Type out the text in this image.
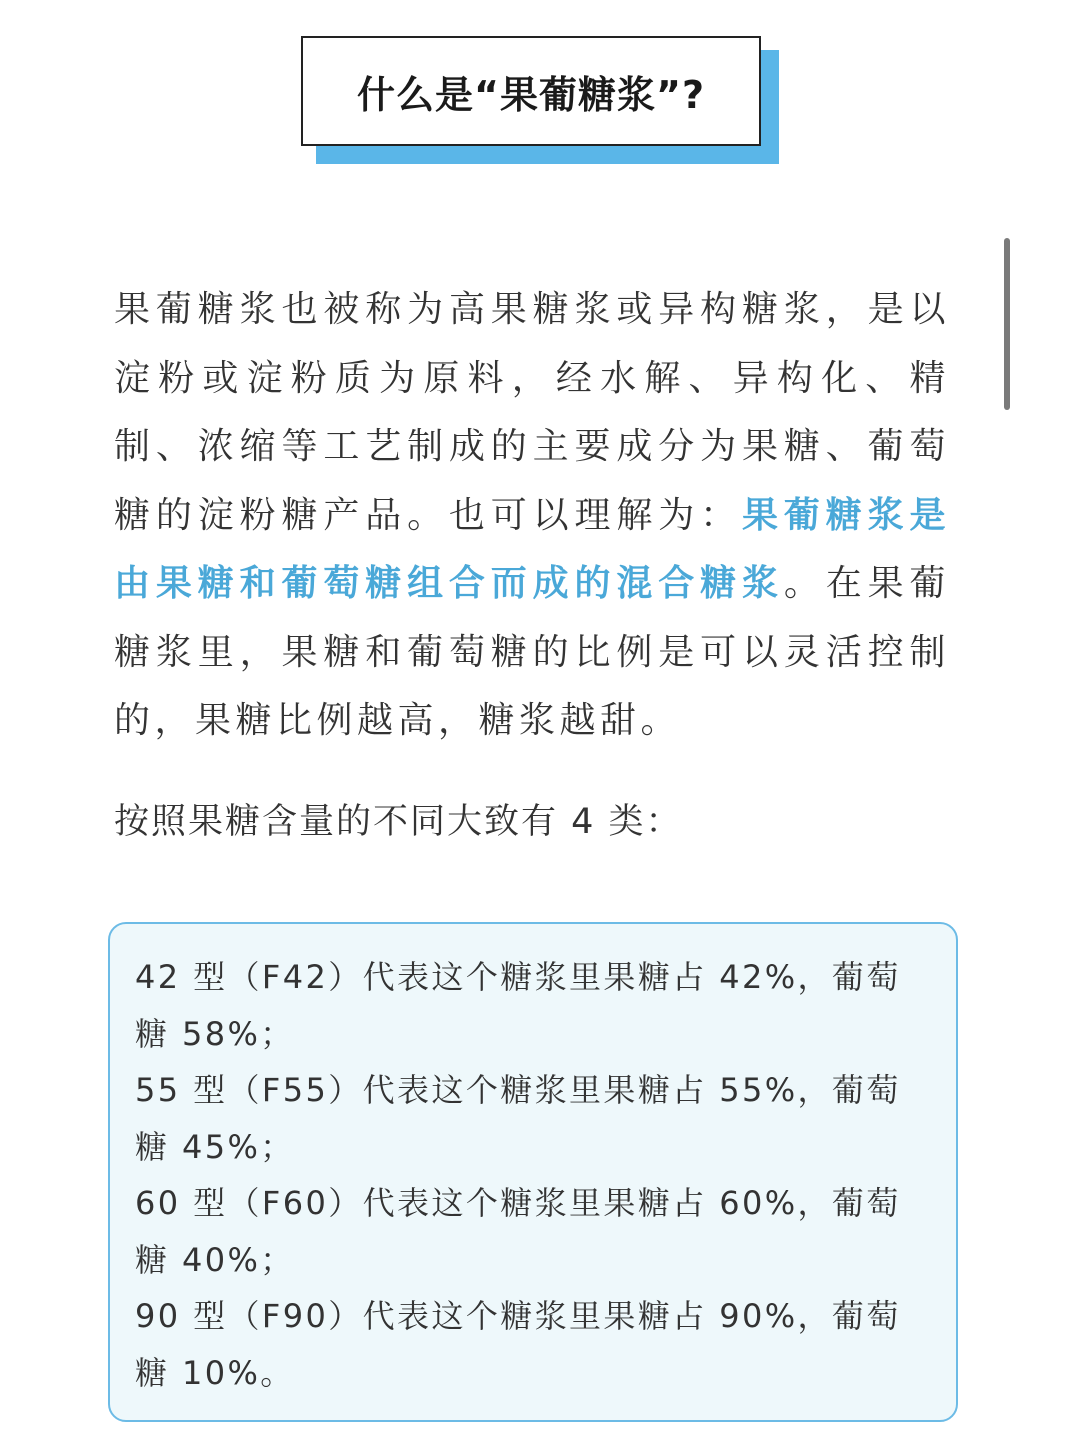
什么是“果葡糖浆”?

果葡糖浆也被称为高果糖浆或异构糖浆，是以淀粉或淀粉质为原料，经水解、异构化、精制、浓缩等工艺制成的主要成分为果糖、葡萄糖的淀粉糖产品。也可以理解为：果葡糖浆是由果糖和葡萄糖组合而成的混合糖浆。在果葡糖浆里，果糖和葡萄糖的比例是可以灵活控制的，果糖比例越高，糖浆越甜。

按照果糖含量的不同大致有 4 类：
42 型（F42）代表这个糖浆里果糖占 42%，葡萄糖 58%；
55 型（F55）代表这个糖浆里果糖占 55%，葡萄糖 45%；
60 型（F60）代表这个糖浆里果糖占 60%，葡萄糖 40%；
90 型（F90）代表这个糖浆里果糖占 90%，葡萄糖 10%。
